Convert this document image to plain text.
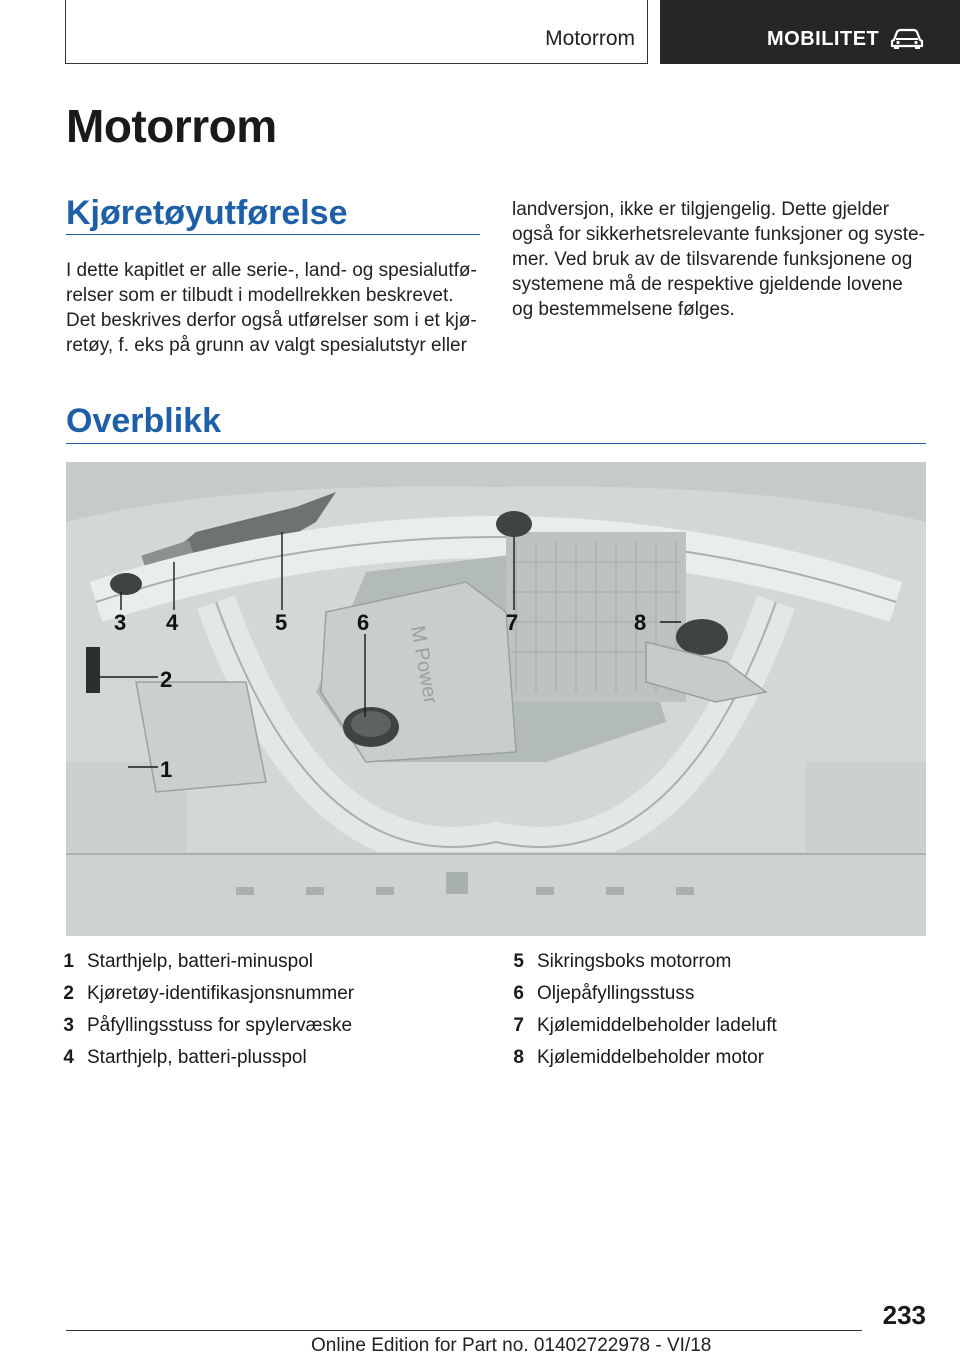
Motorrom	MOBILITET
Motorrom
Kjøretøyutførelse

I dette kapitlet er alle serie-, land- og spesialutfø-
relser som er tilbudt i modellrekken beskrevet.
Det beskrives derfor også utførelser som i et kjø-
retøy, f. eks på grunn av valgt spesialutstyr eller

landversjon, ikke er tilgjengelig. Dette gjelder
også for sikkerhetsrelevante funksjoner og syste-
mer. Ved bruk av de tilsvarende funksjonene og
systemene må de respektive gjeldende lovene
og bestemmelsene følges.

Overblikk
M Power
1
2
3 4	5	6	7	8
1 Starthjelp, batteri-minuspol
2 Kjøretøy-identifikasjonsnummer
3 Påfyllingsstuss for spylervæske
4 Starthjelp, batteri-plusspol
5 Sikringsboks motorrom
6 Oljepåfyllingsstuss
7 Kjølemiddelbeholder ladeluft
8 Kjølemiddelbeholder motor
233
Online Edition for Part no. 01402722978 - VI/18
